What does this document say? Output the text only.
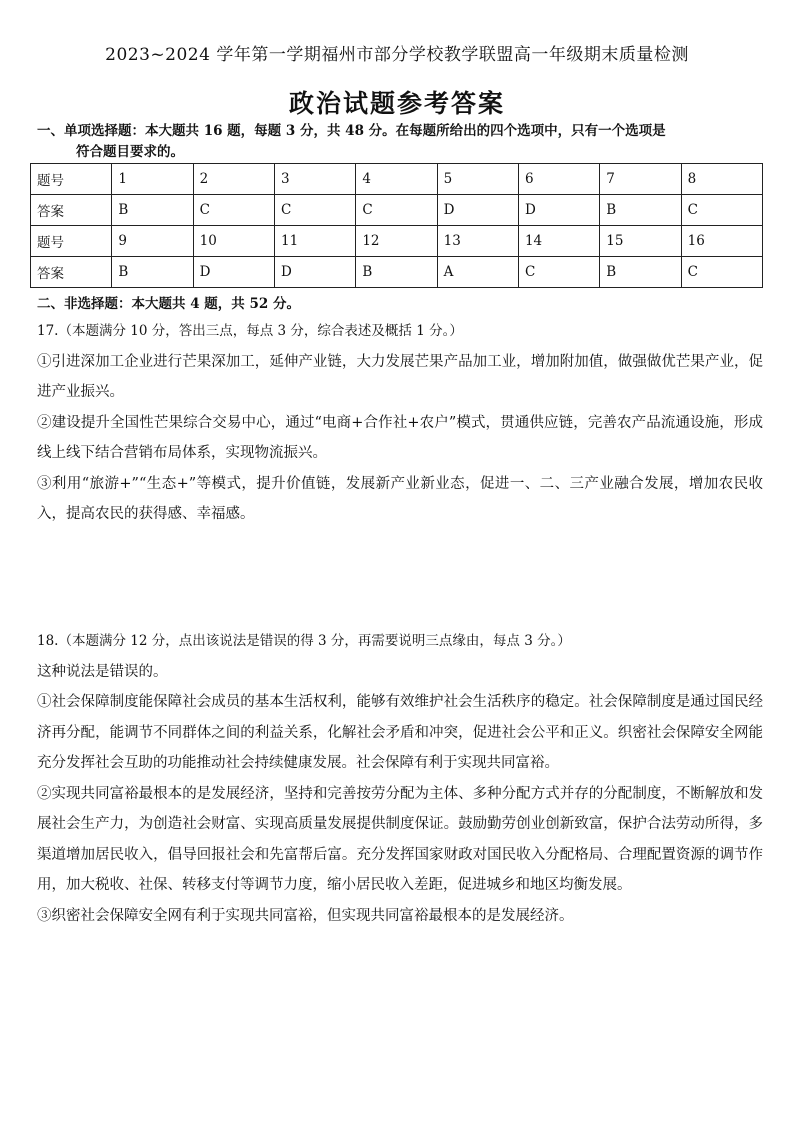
2023~2024 学年第一学期福州市部分学校教学联盟高一年级期末质量检测
政治试题参考答案
一、单项选择题：本大题共 16 题，每题 3 分，共 48 分。在每题所给出的四个选项中，只有一个选项是
符合题目要求的。
题号	1	2	3	4	5	6	7	8
答案	B	C	C	C	D	D	B	C
题号	9	10	11	12	13	14	15	16
答案	B	D	D	B	A	C	B	C
二、非选择题：本大题共 4 题，共 52 分。
17.（本题满分 10 分，答出三点，每点 3 分，综合表述及概括 1 分。）
①引进深加工企业进行芒果深加工，延伸产业链，大力发展芒果产品加工业，增加附加值，做强做优芒果产业，促进产业振兴。
②建设提升全国性芒果综合交易中心，通过“电商+合作社+农户”模式，贯通供应链，完善农产品流通设施，形成线上线下结合营销布局体系，实现物流振兴。
③利用“旅游+”“生态+”等模式，提升价值链，发展新产业新业态，促进一、二、三产业融合发展，增加农民收入，提高农民的获得感、幸福感。
18.（本题满分 12 分，点出该说法是错误的得 3 分，再需要说明三点缘由，每点 3 分。）
这种说法是错误的。
①社会保障制度能保障社会成员的基本生活权利，能够有效维护社会生活秩序的稳定。社会保障制度是通过国民经济再分配，能调节不同群体之间的利益关系，化解社会矛盾和冲突，促进社会公平和正义。织密社会保障安全网能充分发挥社会互助的功能推动社会持续健康发展。社会保障有利于实现共同富裕。
②实现共同富裕最根本的是发展经济，坚持和完善按劳分配为主体、多种分配方式并存的分配制度，不断解放和发展社会生产力，为创造社会财富、实现高质量发展提供制度保证。鼓励勤劳创业创新致富，保护合法劳动所得，多渠道增加居民收入，倡导回报社会和先富帮后富。充分发挥国家财政对国民收入分配格局、合理配置资源的调节作用，加大税收、社保、转移支付等调节力度，缩小居民收入差距，促进城乡和地区均衡发展。
③织密社会保障安全网有利于实现共同富裕，但实现共同富裕最根本的是发展经济。
